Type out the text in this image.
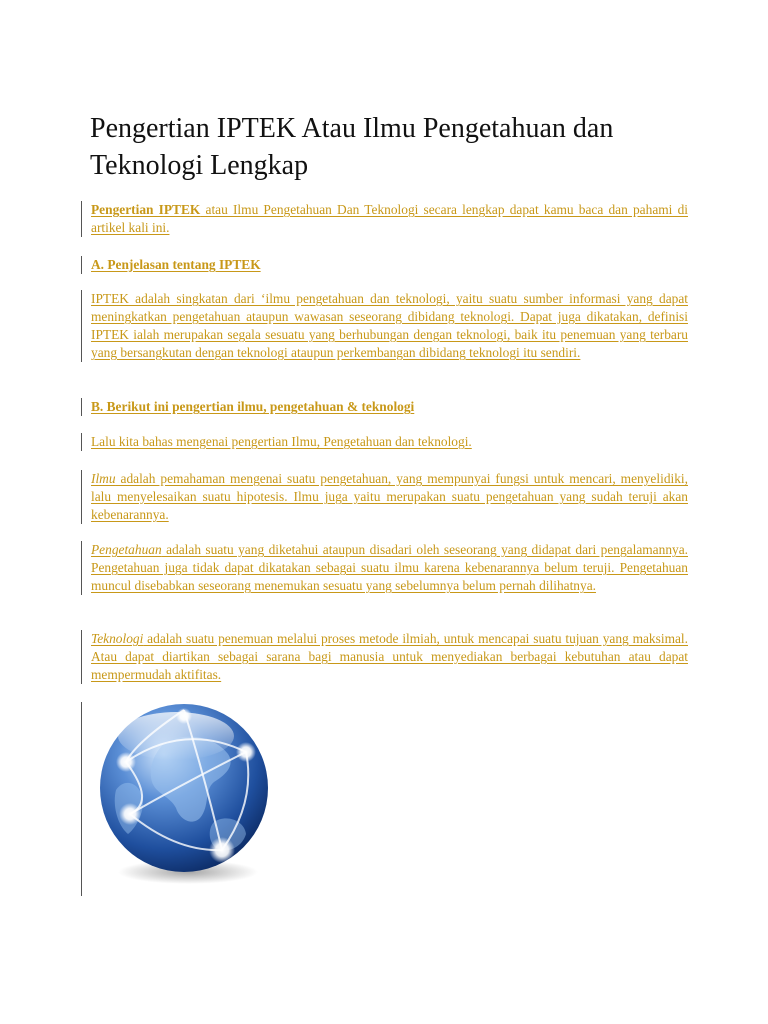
Pengertian IPTEK Atau Ilmu Pengetahuan dan Teknologi Lengkap

Pengertian IPTEK atau Ilmu Pengetahuan Dan Teknologi secara lengkap dapat kamu baca dan pahami di artikel kali ini.

A. Penjelasan tentang IPTEK

IPTEK adalah singkatan dari ‘ilmu pengetahuan dan teknologi, yaitu suatu sumber informasi yang dapat meningkatkan pengetahuan ataupun wawasan seseorang dibidang teknologi. Dapat juga dikatakan, definisi IPTEK ialah merupakan segala sesuatu yang berhubungan dengan teknologi, baik itu penemuan yang terbaru yang bersangkutan dengan teknologi ataupun perkembangan dibidang teknologi itu sendiri.

B. Berikut ini pengertian ilmu, pengetahuan & teknologi

Lalu kita bahas mengenai pengertian Ilmu, Pengetahuan dan teknologi.

Ilmu adalah pemahaman mengenai suatu pengetahuan, yang mempunyai fungsi untuk mencari, menyelidiki, lalu menyelesaikan suatu hipotesis. Ilmu juga yaitu merupakan suatu pengetahuan yang sudah teruji akan kebenarannya.

Pengetahuan adalah suatu yang diketahui ataupun disadari oleh seseorang yang didapat dari pengalamannya. Pengetahuan juga tidak dapat dikatakan sebagai suatu ilmu karena kebenarannya belum teruji. Pengetahuan muncul disebabkan seseorang menemukan sesuatu yang sebelumnya belum pernah dilihatnya.

Teknologi adalah suatu penemuan melalui proses metode ilmiah, untuk mencapai suatu tujuan yang maksimal. Atau dapat diartikan sebagai sarana bagi manusia untuk menyediakan berbagai kebutuhan atau dapat mempermudah aktifitas.
